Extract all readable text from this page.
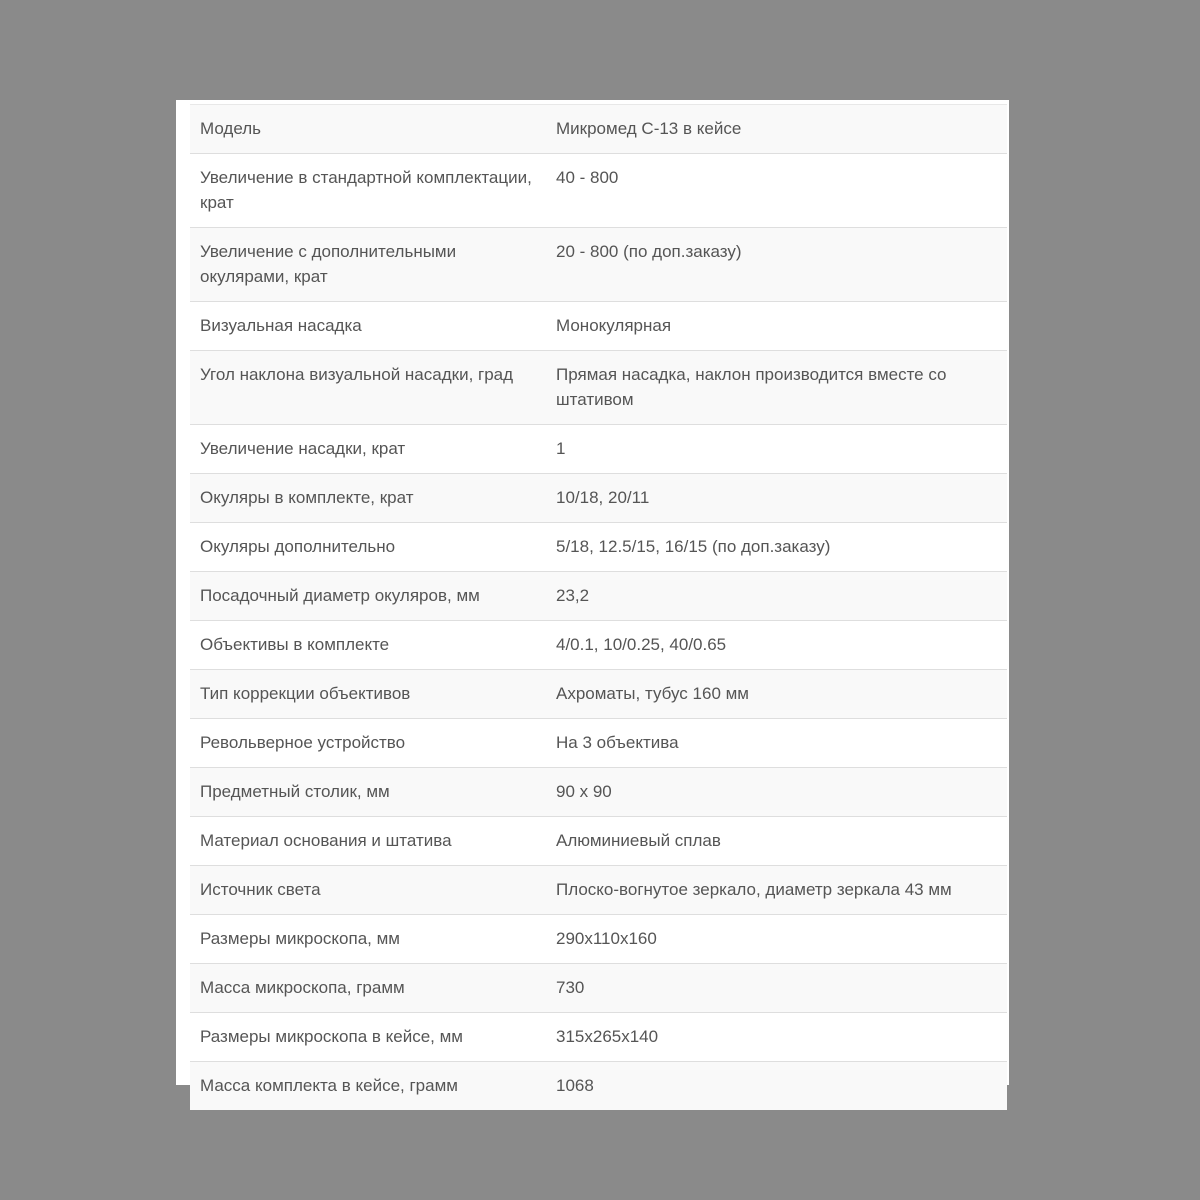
Модель	Микромед С-13 в кейсе
Увеличение в стандартной комплектации, крат	40 - 800
Увеличение с дополнительными окулярами, крат	20 - 800 (по доп.заказу)
Визуальная насадка	Монокулярная
Угол наклона визуальной насадки, град	Прямая насадка, наклон производится вместе со штативом
Увеличение насадки, крат	1
Окуляры в комплекте, крат	10/18, 20/11
Окуляры дополнительно	5/18, 12.5/15, 16/15 (по доп.заказу)
Посадочный диаметр окуляров, мм	23,2
Объективы в комплекте	4/0.1, 10/0.25, 40/0.65
Тип коррекции объективов	Ахроматы, тубус 160 мм
Револьверное устройство	На 3 объектива
Предметный столик, мм	90 х 90
Материал основания и штатива	Алюминиевый сплав
Источник света	Плоско-вогнутое зеркало, диаметр зеркала 43 мм
Размеры микроскопа, мм	290х110х160
Масса микроскопа, грамм	730
Размеры микроскопа в кейсе, мм	315х265х140
Масса комплекта в кейсе, грамм	1068
